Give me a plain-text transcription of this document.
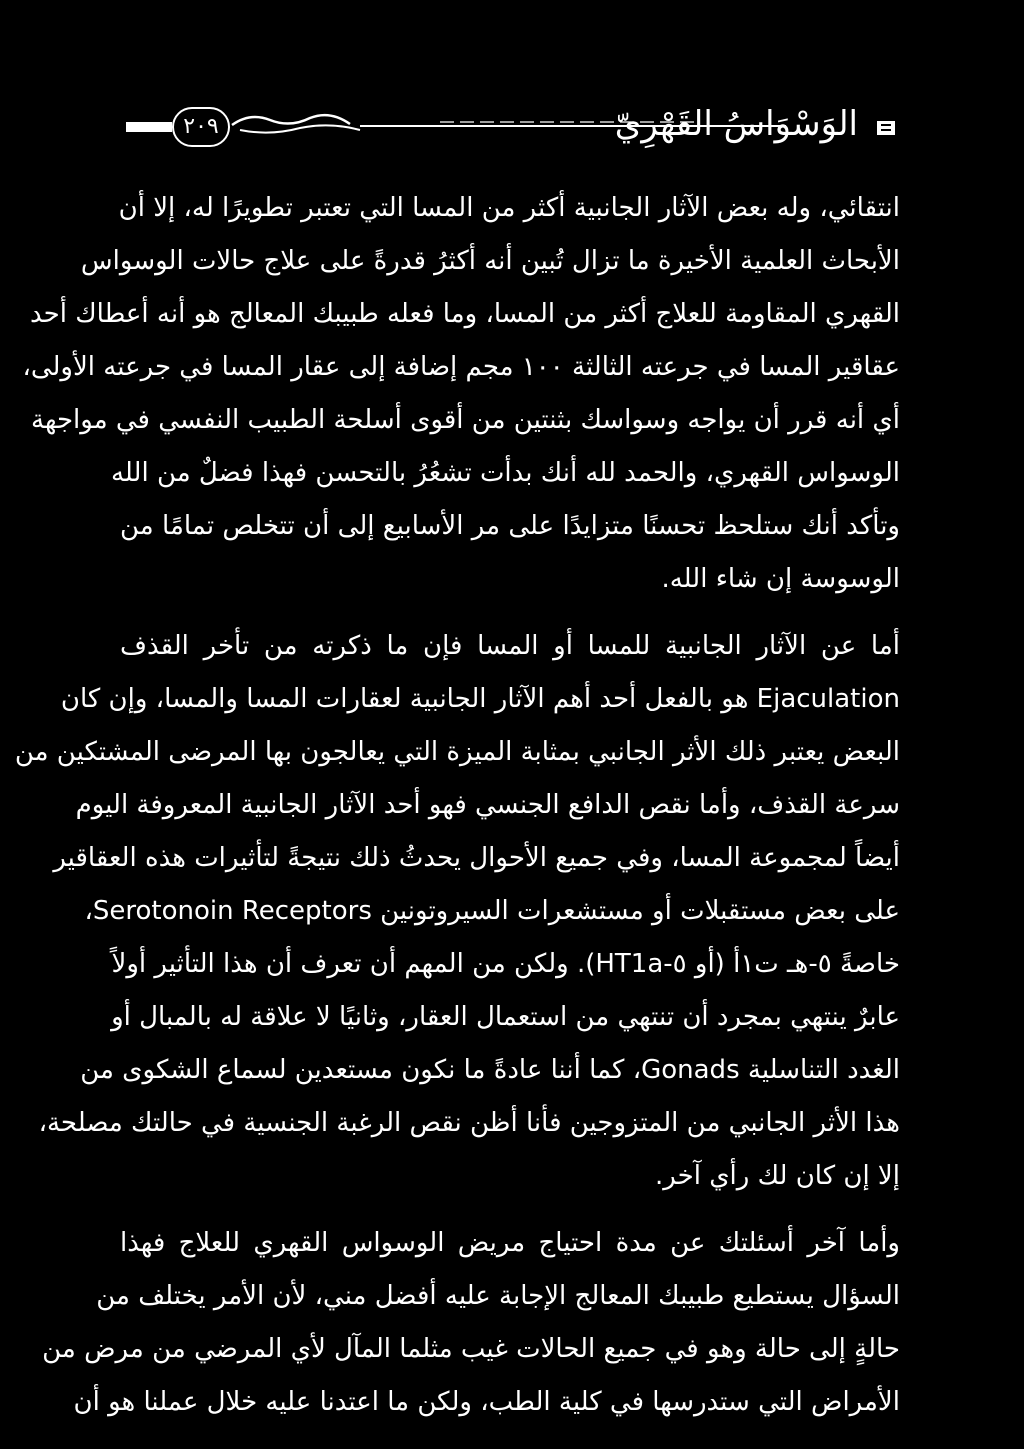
٢٠٩	الوَسْوَاسُ القَهْرِيّ
انتقائي، وله بعض الآثار الجانبية أكثر من المسا التي تعتبر تطويرًا له، إلا أن
الأبحاث العلمية الأخيرة ما تزال تُبين أنه أكثرُ قدرةً على علاج حالات الوسواس
القهري المقاومة للعلاج أكثر من المسا، وما فعله طبيبك المعالج هو أنه أعطاك أحد
عقاقير المسا في جرعته الثالثة ١٠٠ مجم إضافة إلى عقار المسا في جرعته الأولى،
أي أنه قرر أن يواجه وسواسك بثنتين من أقوى أسلحة الطبيب النفسي في مواجهة
الوسواس القهري، والحمد لله أنك بدأت تشعُرُ بالتحسن فهذا فضلٌ من الله
وتأكد أنك ستلحظ تحسنًا متزايدًا على مر الأسابيع إلى أن تتخلص تمامًا من
الوسوسة إن شاء الله.
أما عن الآثار الجانبية للمسا أو المسا فإن ما ذكرته من تأخر القذف
Ejaculation هو بالفعل أحد أهم الآثار الجانبية لعقارات المسا والمسا، وإن كان
البعض يعتبر ذلك الأثر الجانبي بمثابة الميزة التي يعالجون بها المرضى المشتكين من
سرعة القذف، وأما نقص الدافع الجنسي فهو أحد الآثار الجانبية المعروفة اليوم
أيضاً لمجموعة المسا، وفي جميع الأحوال يحدثُ ذلك نتيجةً لتأثيرات هذه العقاقير
على بعض مستقبلات أو مستشعرات السيروتونين Serotonoin Receptors،
خاصةً ٥-هـ ت١أ (أو ٥-HT1a). ولكن من المهم أن تعرف أن هذا التأثير أولاً
عابرٌ ينتهي بمجرد أن تنتهي من استعمال العقار، وثانيًا لا علاقة له بالمبال أو
الغدد التناسلية Gonads، كما أننا عادةً ما نكون مستعدين لسماع الشكوى من
هذا الأثر الجانبي من المتزوجين فأنا أظن نقص الرغبة الجنسية في حالتك مصلحة،
إلا إن كان لك رأي آخر.
وأما آخر أسئلتك عن مدة احتياج مريض الوسواس القهري للعلاج فهذا
السؤال يستطيع طبيبك المعالج الإجابة عليه أفضل مني، لأن الأمر يختلف من
حالةٍ إلى حالة وهو في جميع الحالات غيب مثلما المآل لأي المرضي من مرض من
الأمراض التي ستدرسها في كلية الطب، ولكن ما اعتدنا عليه خلال عملنا هو أن
